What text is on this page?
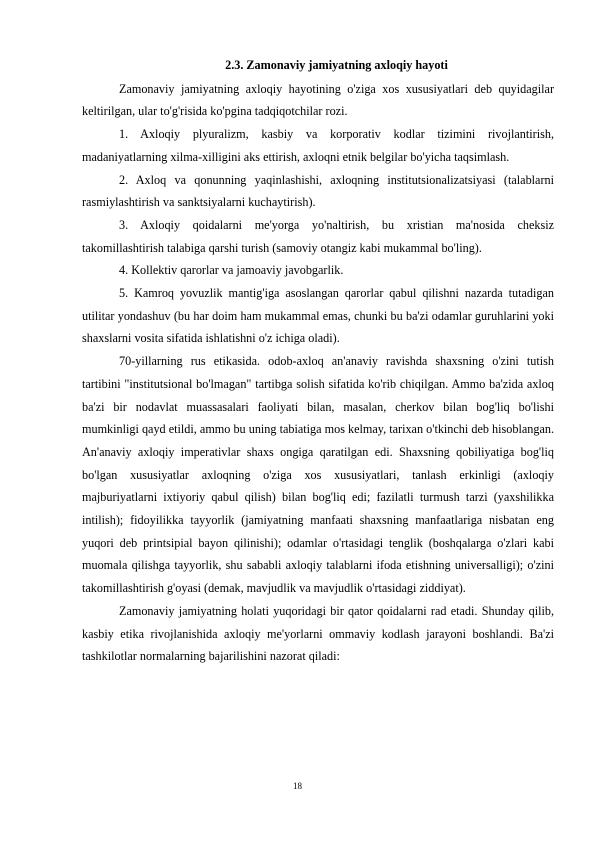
2.3. Zamonaviy jamiyatning axloqiy hayoti

Zamonaviy jamiyatning axloqiy hayotining o'ziga xos xususiyatlari deb quyidagilar keltirilgan, ular to'g'risida ko'pgina tadqiqotchilar rozi.

1. Axloqiy plyuralizm, kasbiy va korporativ kodlar tizimini rivojlantirish, madaniyatlarning xilma-xilligini aks ettirish, axloqni etnik belgilar bo'yicha taqsimlash.

2. Axloq va qonunning yaqinlashishi, axloqning institutsionalizatsiyasi (talablarni rasmiylashtirish va sanktsiyalarni kuchaytirish).

3. Axloqiy qoidalarni me'yorga yo'naltirish, bu xristian ma'nosida cheksiz takomillashtirish talabiga qarshi turish (samoviy otangiz kabi mukammal bo'ling).

4. Kollektiv qarorlar va jamoaviy javobgarlik.

5. Kamroq yovuzlik mantig'iga asoslangan qarorlar qabul qilishni nazarda tutadigan utilitar yondashuv (bu har doim ham mukammal emas, chunki bu ba'zi odamlar guruhlarini yoki shaxslarni vosita sifatida ishlatishni o'z ichiga oladi).

70-yillarning rus etikasida. odob-axloq an'anaviy ravishda shaxsning o'zini tutish tartibini "institutsional bo'lmagan" tartibga solish sifatida ko'rib chiqilgan. Ammo ba'zida axloq ba'zi bir nodavlat muassasalari faoliyati bilan, masalan, cherkov bilan bog'liq bo'lishi mumkinligi qayd etildi, ammo bu uning tabiatiga mos kelmay, tarixan o'tkinchi deb hisoblangan. An'anaviy axloqiy imperativlar shaxs ongiga qaratilgan edi. Shaxsning qobiliyatiga bog'liq bo'lgan xususiyatlar axloqning o'ziga xos xususiyatlari, tanlash erkinligi (axloqiy majburiyatlarni ixtiyoriy qabul qilish) bilan bog'liq edi; fazilatli turmush tarzi (yaxshilikka intilish); fidoyilikka tayyorlik (jamiyatning manfaati shaxsning manfaatlariga nisbatan eng yuqori deb printsipial bayon qilinishi); odamlar o'rtasidagi tenglik (boshqalarga o'zlari kabi muomala qilishga tayyorlik, shu sababli axloqiy talablarni ifoda etishning universalligi); o'zini takomillashtirish g'oyasi (demak, mavjudlik va mavjudlik o'rtasidagi ziddiyat).

Zamonaviy jamiyatning holati yuqoridagi bir qator qoidalarni rad etadi. Shunday qilib, kasbiy etika rivojlanishida axloqiy me'yorlarni ommaviy kodlash jarayoni boshlandi. Ba'zi tashkilotlar normalarning bajarilishini nazorat qiladi:

18
